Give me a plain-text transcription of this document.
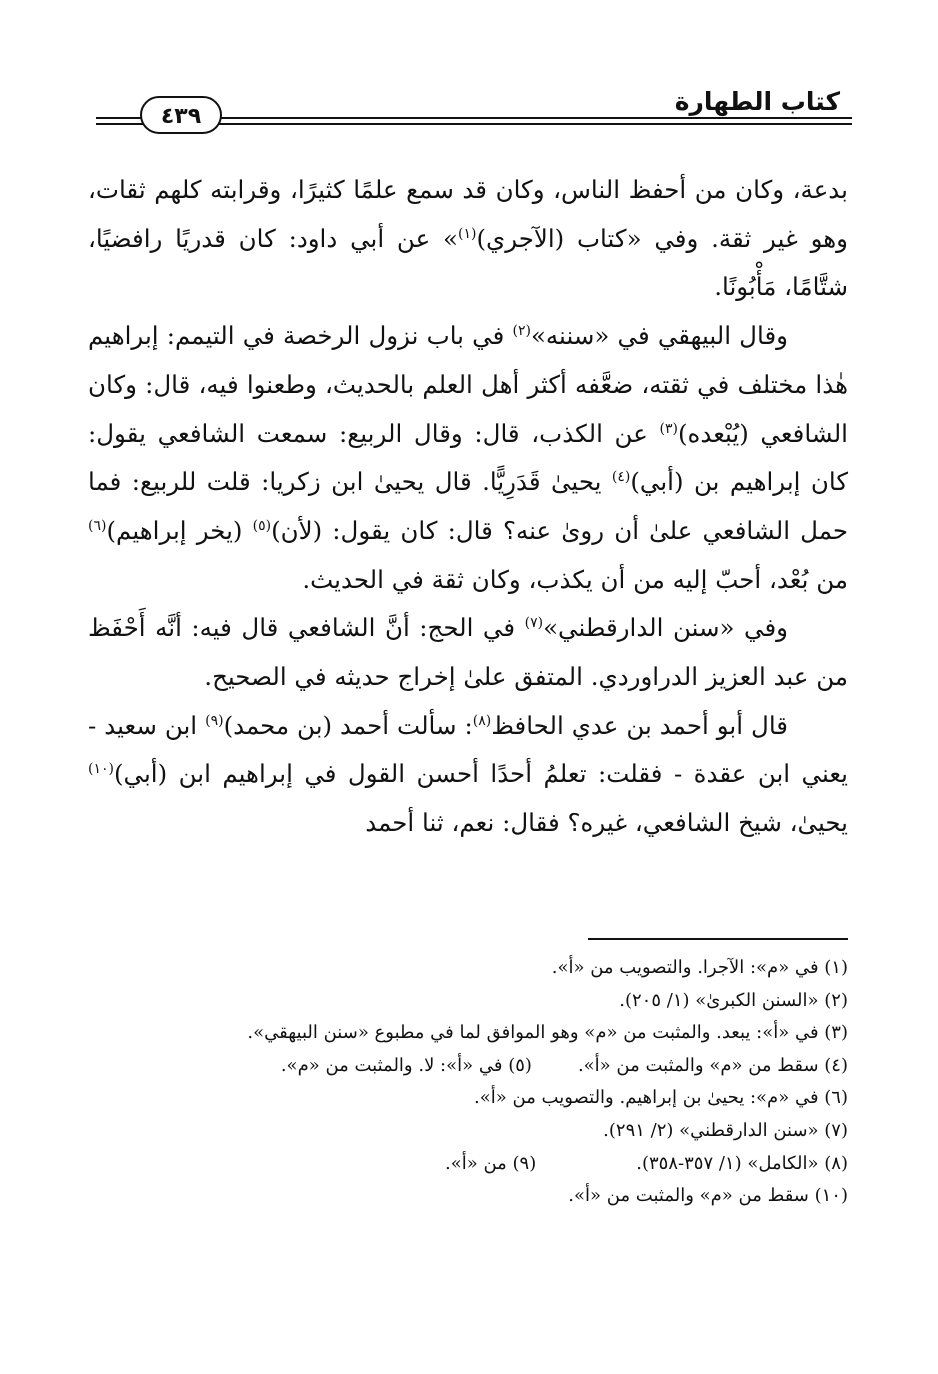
كتاب الطهارة
٤٣٩

بدعة، وكان من أحفظ الناس، وكان قد سمع علمًا كثيرًا، وقرابته كلهم ثقات، وهو غير ثقة. وفي «كتاب (الآجري)$^{(١)}$» عن أبي داود: كان قدريًا رافضيًا، شتَّامًا، مَأْبُونًا.

وقال البيهقي في «سننه»$^{(٢)}$ في باب نزول الرخصة في التيمم: إبراهيم هٰذا مختلف في ثقته، ضعَّفه أكثر أهل العلم بالحديث، وطعنوا فيه، قال: وكان الشافعي (يُبْعده)$^{(٣)}$ عن الكذب، قال: وقال الربيع: سمعت الشافعي يقول: كان إبراهيم بن (أبي)$^{(٤)}$ يحيىٰ قَدَرِيًّا. قال يحيىٰ ابن زكريا: قلت للربيع: فما حمل الشافعي علىٰ أن روىٰ عنه؟ قال: كان يقول: (لأن)$^{(٥)}$ (يخر إبراهيم)$^{(٦)}$ من بُعْد، أحبّ إليه من أن يكذب، وكان ثقة في الحديث.

وفي «سنن الدارقطني»$^{(٧)}$ في الحج: أنَّ الشافعي قال فيه: أنَّه أَحْفَظ من عبد العزيز الدراوردي. المتفق علىٰ إخراج حديثه في الصحيح.

قال أبو أحمد بن عدي الحافظ$^{(٨)}$: سألت أحمد (بن محمد)$^{(٩)}$ ابن سعيد - يعني ابن عقدة - فقلت: تعلمُ أحدًا أحسن القول في إبراهيم ابن (أبي)$^{(١٠)}$ يحيىٰ، شيخ الشافعي، غيره؟ فقال: نعم، ثنا أحمد

(١) في «م»: الآجرا. والتصويب من «أ».

(٢) «السنن الكبرىٰ» (١/ ٢٠٥).

(٣) في «أ»: يبعد. والمثبت من «م» وهو الموافق لما في مطبوع «سنن البيهقي».

(٤) سقط من «م» والمثبت من «أ».
(٥) في «أ»: لا. والمثبت من «م».

(٦) في «م»: يحيىٰ بن إبراهيم. والتصويب من «أ».

(٧) «سنن الدارقطني» (٢/ ٢٩١).

(٨) «الكامل» (١/ ٣٥٧-٣٥٨).
(٩) من «أ».

(١٠) سقط من «م» والمثبت من «أ».
